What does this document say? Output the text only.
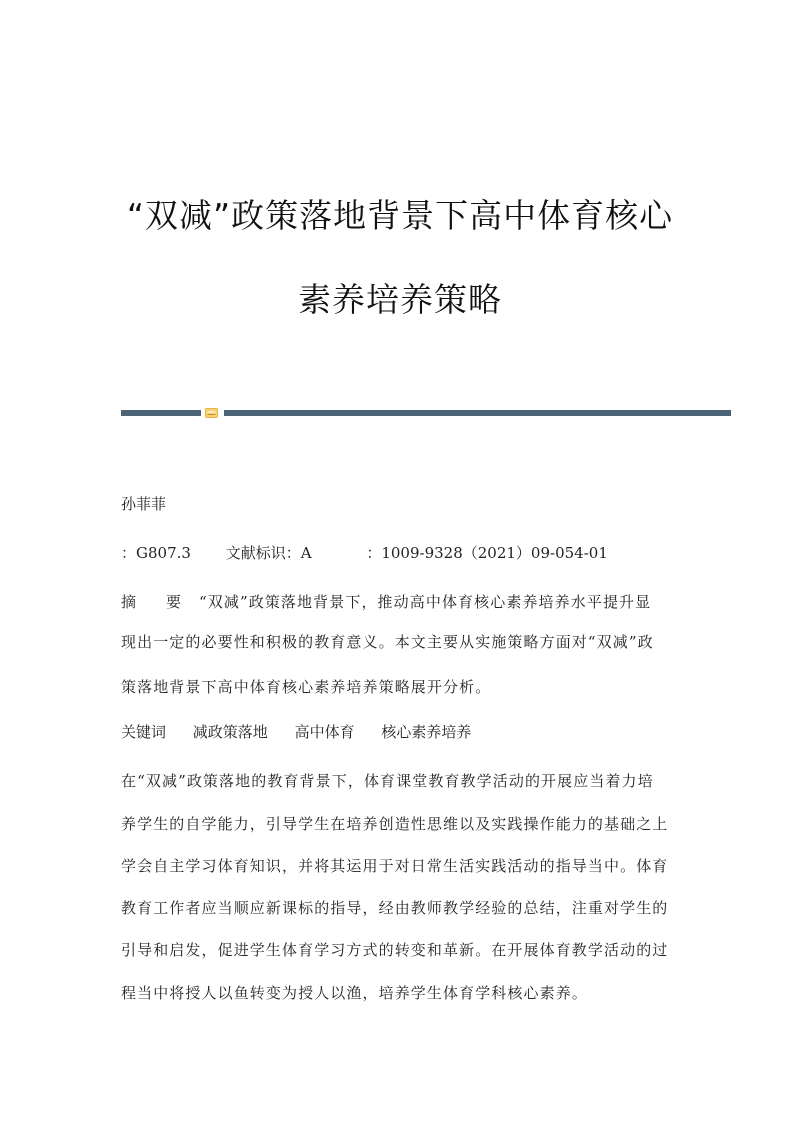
“双减”政策落地背景下高中体育核心
素养培养策略
孙菲菲
：G807.3 文献标识：A	：1009-9328（2021）09-054-01
摘　　要 “双减”政策落地背景下，推动高中体育核心素养培养水平提升显
现出一定的必要性和积极的教育意义。本文主要从实施策略方面对“双减”政
策落地背景下高中体育核心素养培养策略展开分析。
关键词 减政策落地 高中体育 核心素养培养
在“双减”政策落地的教育背景下，体育课堂教育教学活动的开展应当着力培
养学生的自学能力，引导学生在培养创造性思维以及实践操作能力的基础之上
学会自主学习体育知识，并将其运用于对日常生活实践活动的指导当中。体育
教育工作者应当顺应新课标的指导，经由教师教学经验的总结，注重对学生的
引导和启发，促进学生体育学习方式的转变和革新。在开展体育教学活动的过
程当中将授人以鱼转变为授人以渔，培养学生体育学科核心素养。
